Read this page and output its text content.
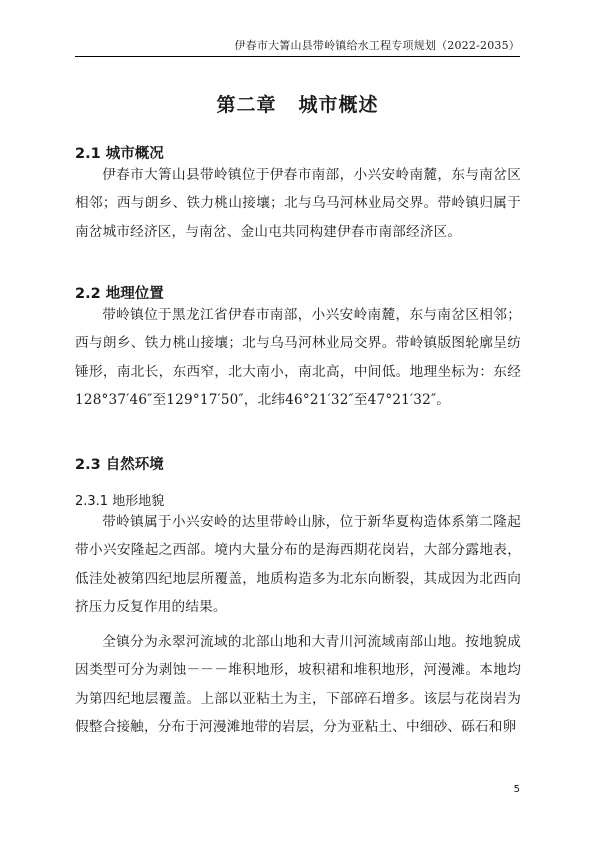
伊春市大箐山县带岭镇给水工程专项规划（2022-2035）
第二章 城市概述
2.1 城市概况

伊春市大箐山县带岭镇位于伊春市南部，小兴安岭南麓，东与南岔区相邻；西与朗乡、铁力桃山接壤；北与乌马河林业局交界。带岭镇归属于南岔城市经济区，与南岔、金山屯共同构建伊春市南部经济区。

2.2 地理位置

带岭镇位于黑龙江省伊春市南部，小兴安岭南麓，东与南岔区相邻；西与朗乡、铁力桃山接壤；北与乌马河林业局交界。带岭镇版图轮廓呈纺锤形，南北长，东西窄，北大南小，南北高，中间低。地理坐标为：东经128°37′46″至129°17′50″，北纬46°21′32″至47°21′32″。

2.3 自然环境
2.3.1 地形地貌

带岭镇属于小兴安岭的达里带岭山脉，位于新华夏构造体系第二隆起带小兴安隆起之西部。境内大量分布的是海西期花岗岩，大部分露地表，低洼处被第四纪地层所覆盖，地质构造多为北东向断裂，其成因为北西向挤压力反复作用的结果。

全镇分为永翠河流域的北部山地和大青川河流域南部山地。按地貌成因类型可分为剥蚀－－－堆积地形，坡积裙和堆积地形，河漫滩。本地均为第四纪地层覆盖。上部以亚粘土为主，下部碎石增多。该层与花岗岩为假整合接触，分布于河漫滩地带的岩层，分为亚粘土、中细砂、砾石和卵

5
